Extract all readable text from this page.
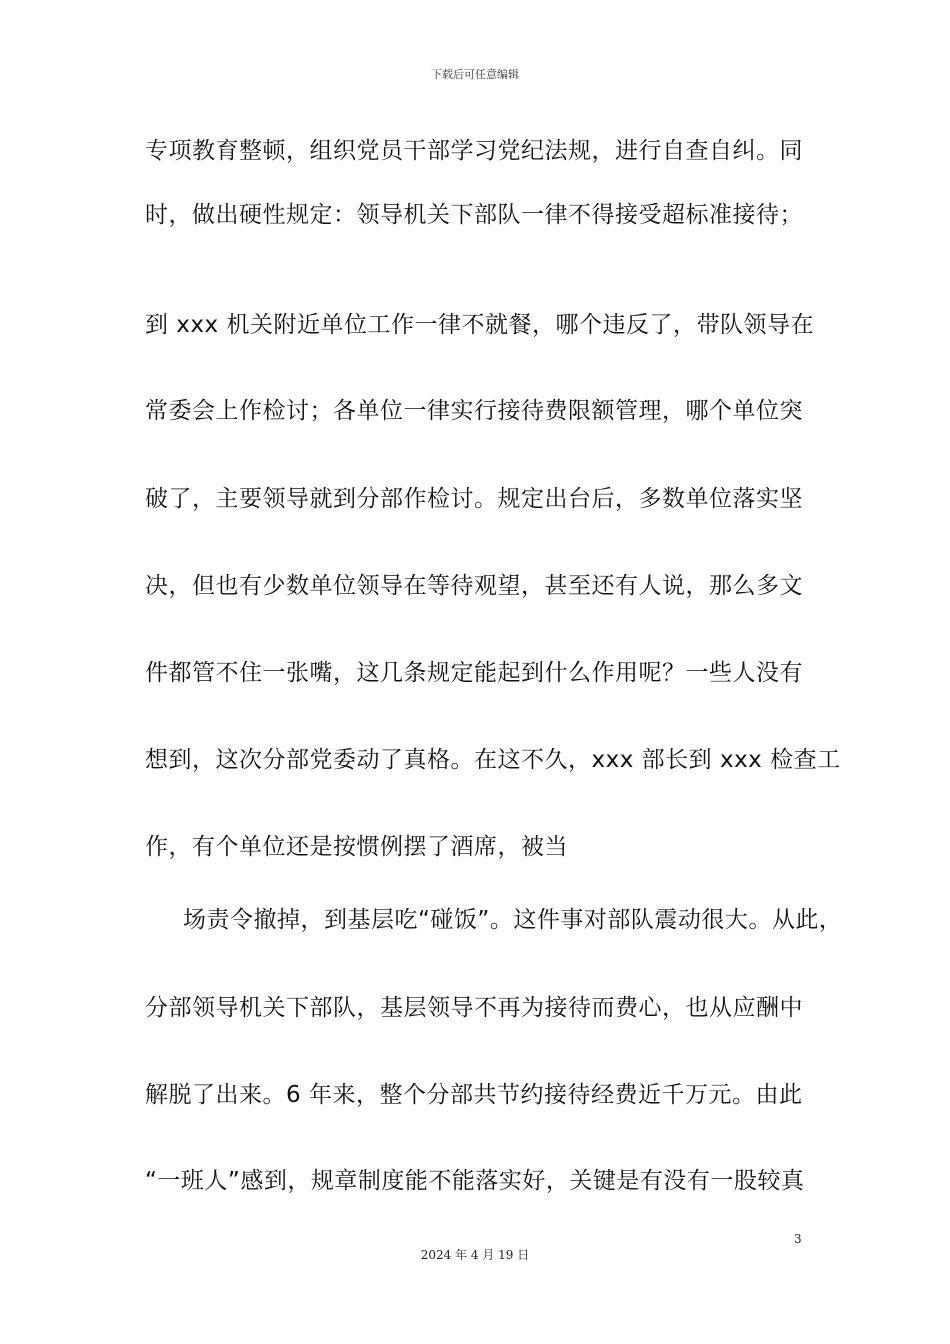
下载后可任意编辑
专项教育整顿，组织党员干部学习党纪法规，进行自查自纠。同
时，做出硬性规定：领导机关下部队一律不得接受超标准接待；
到 xxx 机关附近单位工作一律不就餐，哪个违反了，带队领导在
常委会上作检讨；各单位一律实行接待费限额管理，哪个单位突
破了，主要领导就到分部作检讨。规定出台后，多数单位落实坚
决，但也有少数单位领导在等待观望，甚至还有人说，那么多文
件都管不住一张嘴，这几条规定能起到什么作用呢？一些人没有
想到，这次分部党委动了真格。在这不久，xxx 部长到 xxx 检查工
作，有个单位还是按惯例摆了酒席，被当
场责令撤掉，到基层吃“碰饭”。这件事对部队震动很大。从此，
分部领导机关下部队，基层领导不再为接待而费心，也从应酬中
解脱了出来。6 年来，整个分部共节约接待经费近千万元。由此
“一班人”感到，规章制度能不能落实好，关键是有没有一股较真
3
2024 年 4 月 19 日
